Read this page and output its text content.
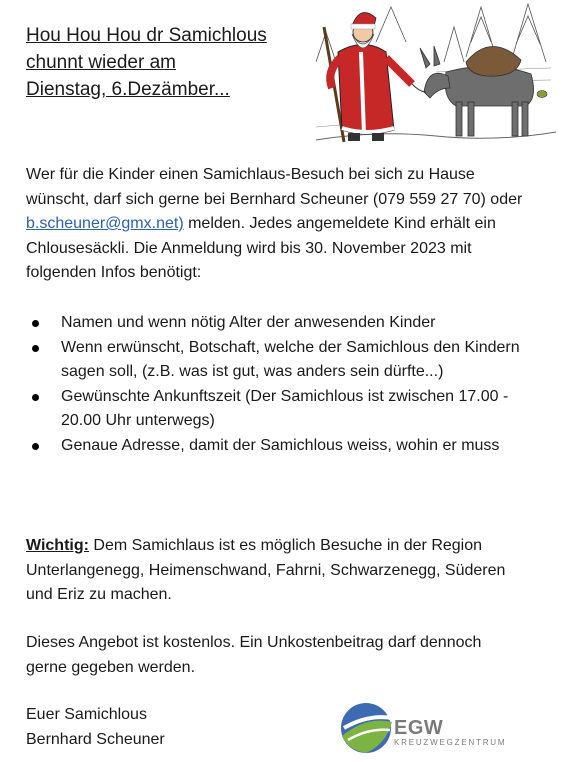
Hou Hou Hou dr Samichlous
chunnt wieder am
Dienstag, 6.Dezämber...
Wer für die Kinder einen Samichlaus-Besuch bei sich zu Hause wünscht, darf sich gerne bei Bernhard Scheuner (079 559 27 70) oder b.scheuner@gmx.net) melden. Jedes angemeldete Kind erhält ein Chlousesäckli. Die Anmeldung wird bis 30. November 2023 mit folgenden Infos benötigt:
Namen und wenn nötig Alter der anwesenden Kinder
Wenn erwünscht, Botschaft, welche der Samichlous den Kindern sagen soll, (z.B. was ist gut, was anders sein dürfte...)
Gewünschte Ankunftszeit (Der Samichlous ist zwischen 17.00 - 20.00 Uhr unterwegs)
Genaue Adresse, damit der Samichlous weiss, wohin er muss
Wichtig: Dem Samichlaus ist es möglich Besuche in der Region Unterlangenegg, Heimenschwand, Fahrni, Schwarzenegg, Süderen und Eriz zu machen.
Dieses Angebot ist kostenlos. Ein Unkostenbeitrag darf dennoch gerne gegeben werden.
Euer Samichlous
Bernhard Scheuner	EGW
KREUZWEGZENTRUM
